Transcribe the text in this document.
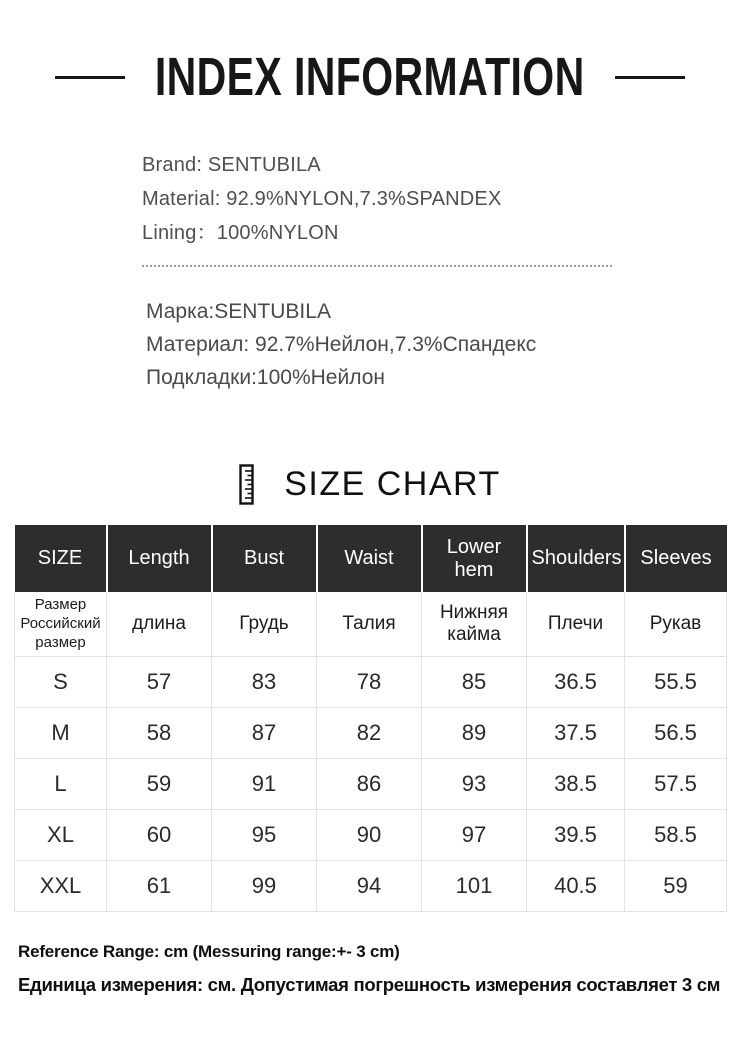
INDEX INFORMATION

Brand: SENTUBILA

Material: 92.9%NYLON,7.3%SPANDEX

Lining：100%NYLON

Марка:SENTUBILA

Материал: 92.7%Нейлон,7.3%Спандекс

Подкладки:100%Нейлон

SIZE CHART
SIZE	Length	Bust	Waist	Lower hem	Shoulders	Sleeves
Размер Российский размер	длина	Грудь	Талия	Нижняя кайма	Плечи	Рукав
S	57	83	78	85	36.5	55.5
M	58	87	82	89	37.5	56.5
L	59	91	86	93	38.5	57.5
XL	60	95	90	97	39.5	58.5
XXL	61	99	94	101	40.5	59

Reference Range: cm (Messuring range:+- 3 cm)

Единица измерения: см. Допустимая погрешность измерения составляет 3 см
